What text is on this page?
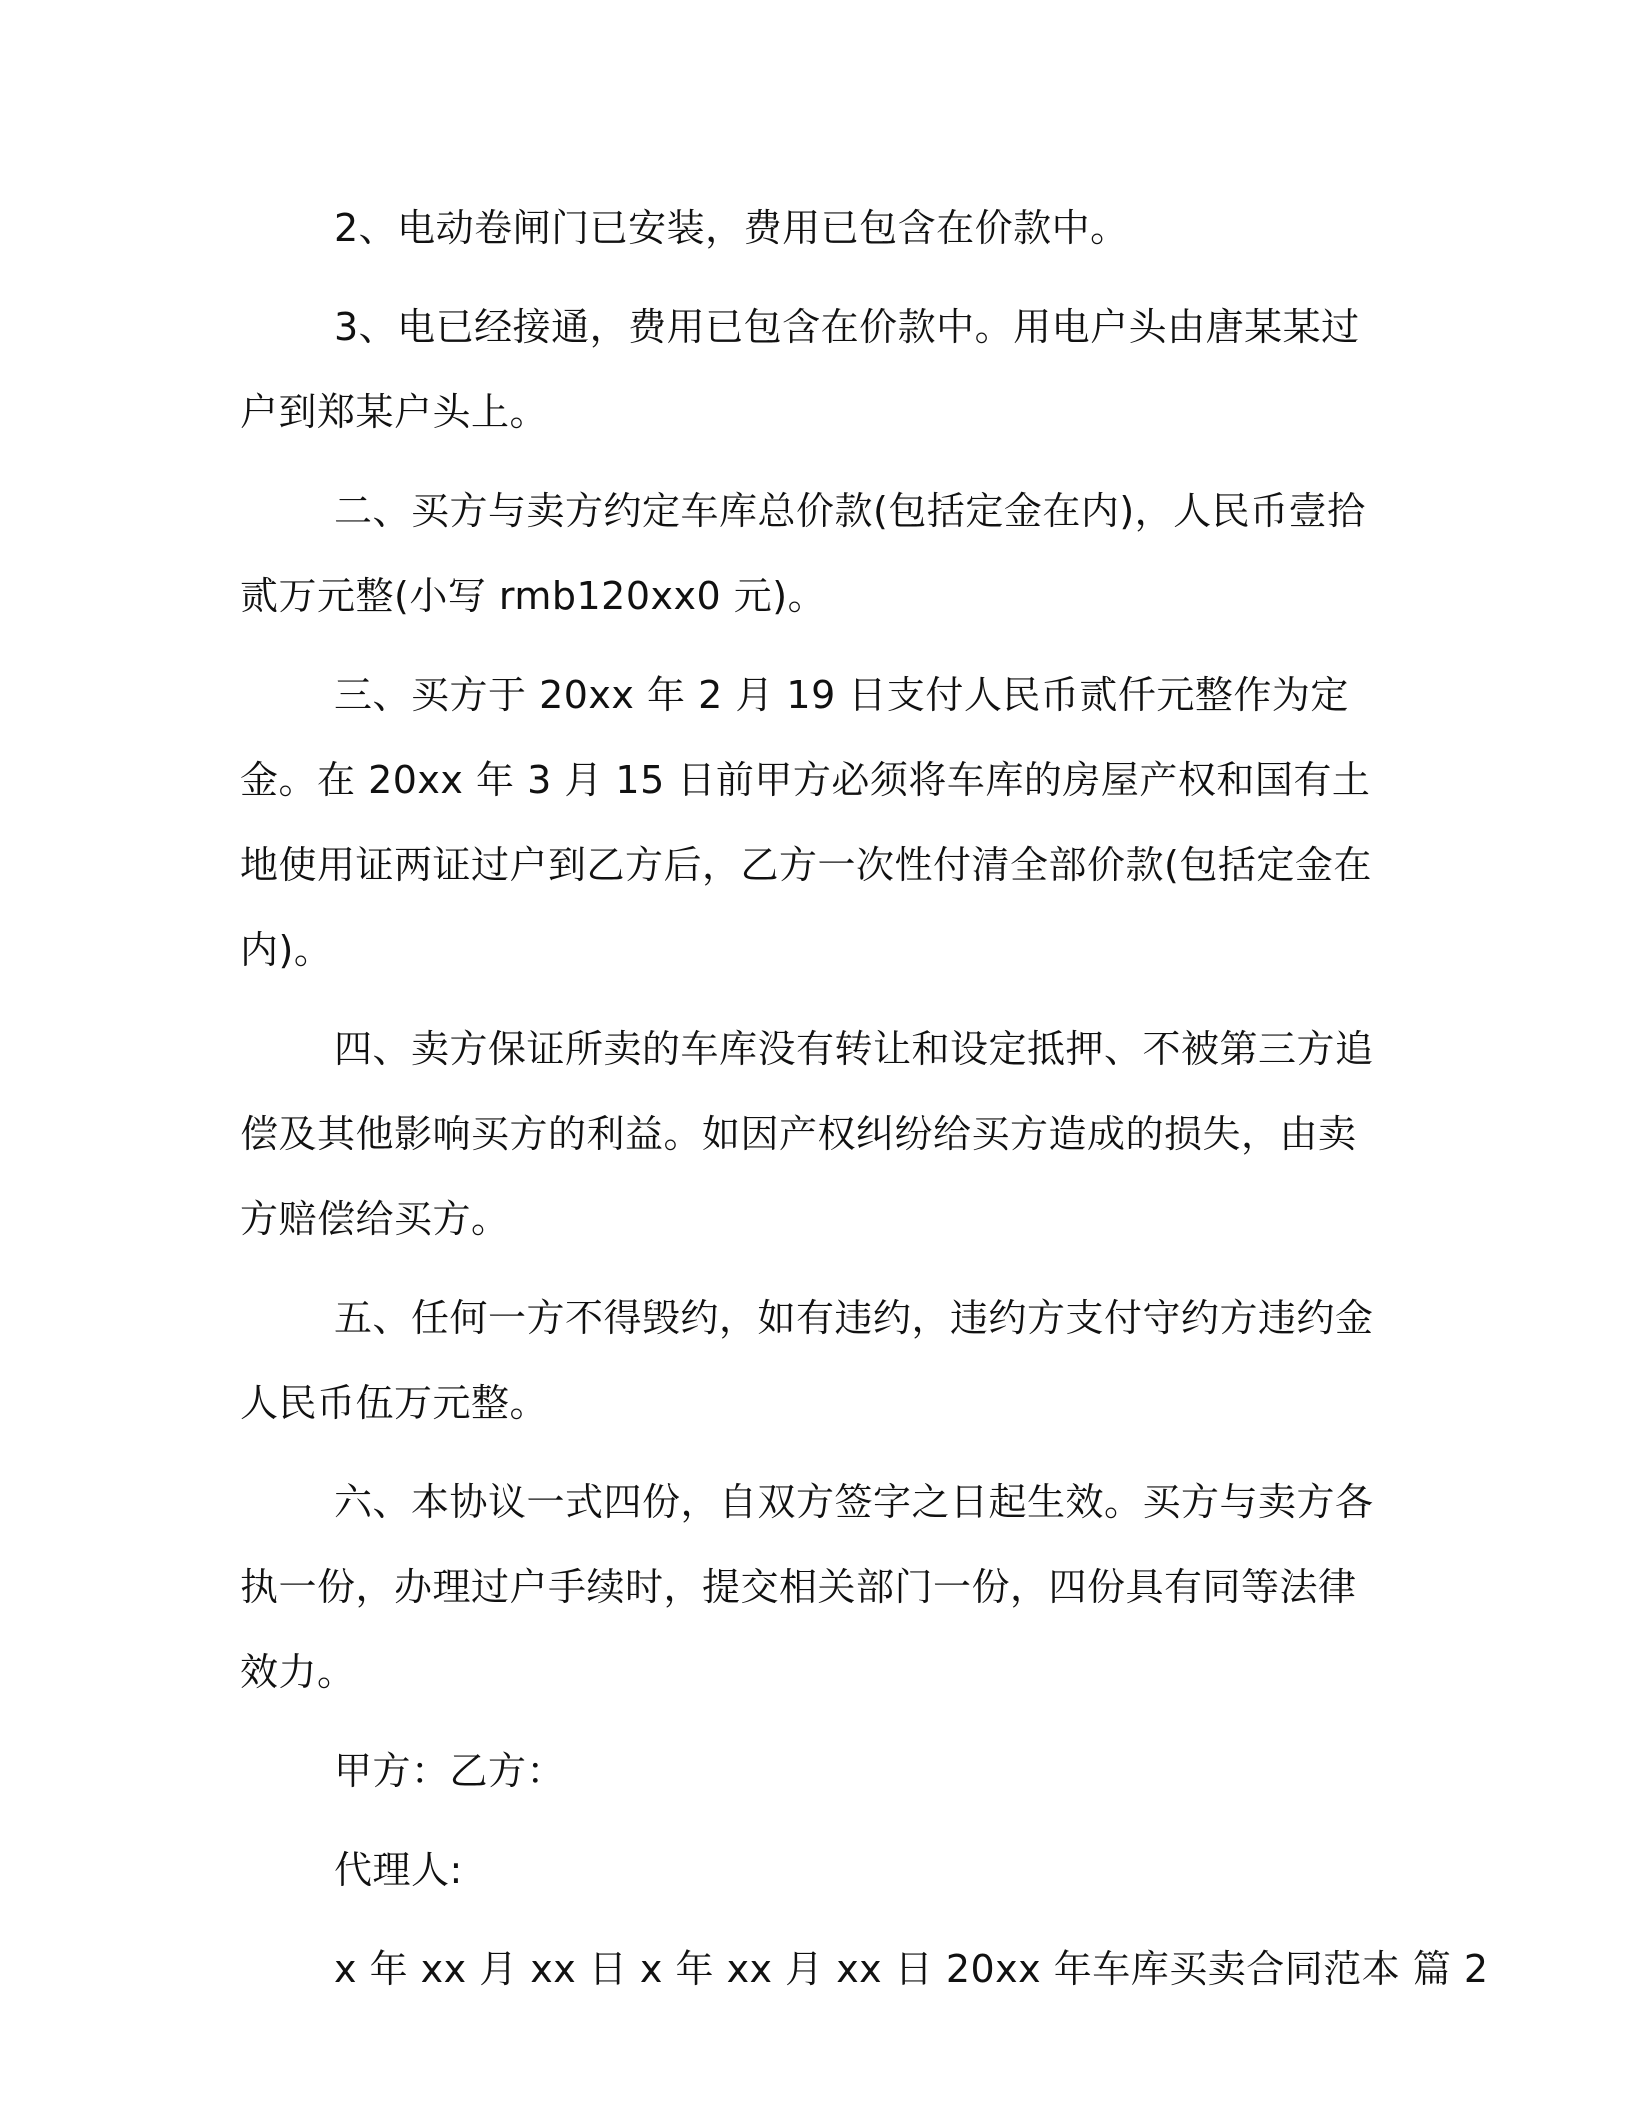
2、电动卷闸门已安装，费用已包含在价款中。

3、电已经接通，费用已包含在价款中。用电户头由唐某某过户到郑某户头上。

二、买方与卖方约定车库总价款(包括定金在内)，人民币壹拾贰万元整(小写 rmb120xx0 元)。

三、买方于 20xx 年 2 月 19 日支付人民币贰仟元整作为定金。在 20xx 年 3 月 15 日前甲方必须将车库的房屋产权和国有土地使用证两证过户到乙方后，乙方一次性付清全部价款(包括定金在内)。

四、卖方保证所卖的车库没有转让和设定抵押、不被第三方追偿及其他影响买方的利益。如因产权纠纷给买方造成的损失，由卖方赔偿给买方。

五、任何一方不得毁约，如有违约，违约方支付守约方违约金人民币伍万元整。

六、本协议一式四份，自双方签字之日起生效。买方与卖方各执一份，办理过户手续时，提交相关部门一份，四份具有同等法律效力。

甲方：乙方：

代理人:

x 年 xx 月 xx 日 x 年 xx 月 xx 日 20xx 年车库买卖合同范本 篇 2
